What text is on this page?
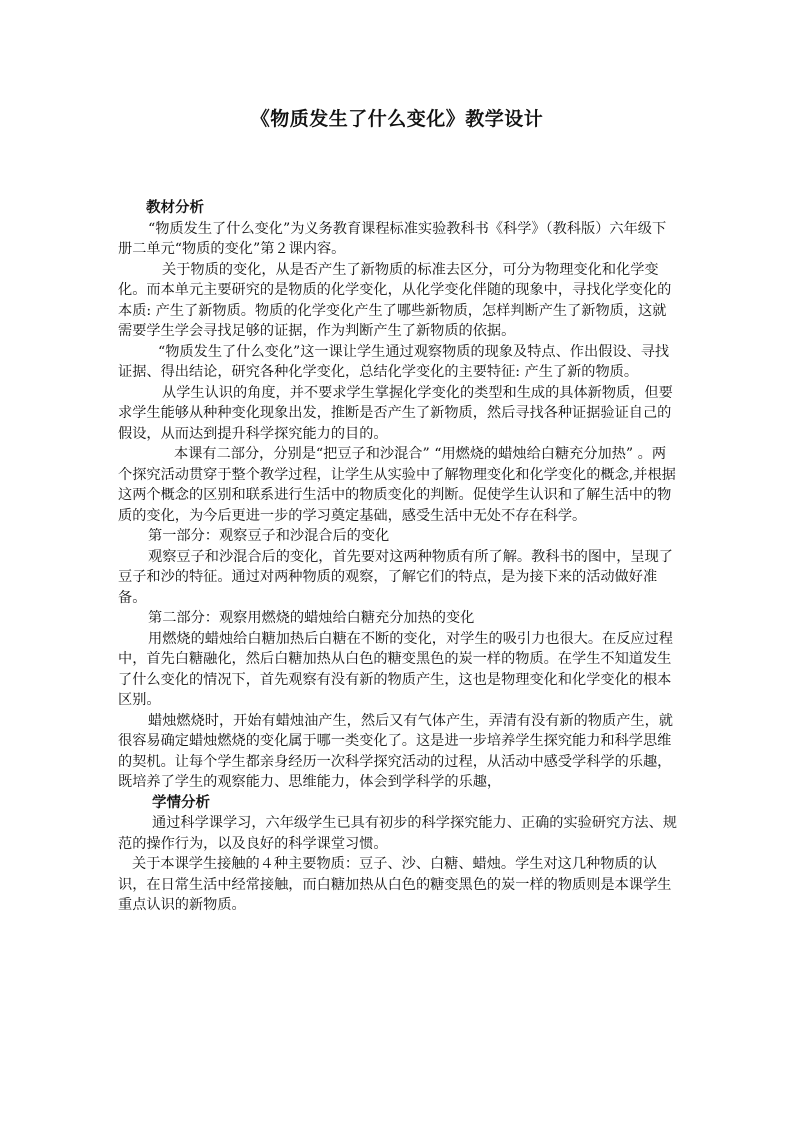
《物质发生了什么变化》教学设计

教材分析

“物质发生了什么变化”为义务教育课程标准实验教科书《科学》（教科版）六年级下册二单元“物质的变化”第２课内容。

关于物质的变化，从是否产生了新物质的标准去区分，可分为物理变化和化学变化。而本单元主要研究的是物质的化学变化，从化学变化伴随的现象中，寻找化学变化的本质: 产生了新物质。物质的化学变化产生了哪些新物质，怎样判断产生了新物质，这就需要学生学会寻找足够的证据，作为判断产生了新物质的依据。

“物质发生了什么变化”这一课让学生通过观察物质的现象及特点、作出假设、寻找证据、得出结论，研究各种化学变化，总结化学变化的主要特征: 产生了新的物质。

从学生认识的角度，并不要求学生掌握化学变化的类型和生成的具体新物质，但要求学生能够从种种变化现象出发，推断是否产生了新物质，然后寻找各种证据验证自己的假设，从而达到提升科学探究能力的目的。

本课有二部分，分别是“把豆子和沙混合” “用燃烧的蜡烛给白糖充分加热” 。两个探究活动贯穿于整个教学过程，让学生从实验中了解物理变化和化学变化的概念,并根据这两个概念的区别和联系进行生活中的物质变化的判断。促使学生认识和了解生活中的物质的变化，为今后更进一步的学习奠定基础，感受生活中无处不存在科学。

第一部分：观察豆子和沙混合后的变化

观察豆子和沙混合后的变化，首先要对这两种物质有所了解。教科书的图中，呈现了豆子和沙的特征。通过对两种物质的观察，了解它们的特点，是为接下来的活动做好准备。

第二部分：观察用燃烧的蜡烛给白糖充分加热的变化

用燃烧的蜡烛给白糖加热后白糖在不断的变化，对学生的吸引力也很大。在反应过程中，首先白糖融化，然后白糖加热从白色的糖变黑色的炭一样的物质。在学生不知道发生了什么变化的情况下，首先观察有没有新的物质产生，这也是物理变化和化学变化的根本区别。

蜡烛燃烧时，开始有蜡烛油产生，然后又有气体产生，弄清有没有新的物质产生，就很容易确定蜡烛燃烧的变化属于哪一类变化了。这是进一步培养学生探究能力和科学思维的契机。让每个学生都亲身经历一次科学探究活动的过程，从活动中感受学科学的乐趣，既培养了学生的观察能力、思维能力，体会到学科学的乐趣，

学情分析

通过科学课学习，六年级学生已具有初步的科学探究能力、正确的实验研究方法、规范的操作行为，以及良好的科学课堂习惯。

关于本课学生接触的４种主要物质：豆子、沙、白糖、蜡烛。学生对这几种物质的认识，在日常生活中经常接触，而白糖加热从白色的糖变黑色的炭一样的物质则是本课学生重点认识的新物质。
